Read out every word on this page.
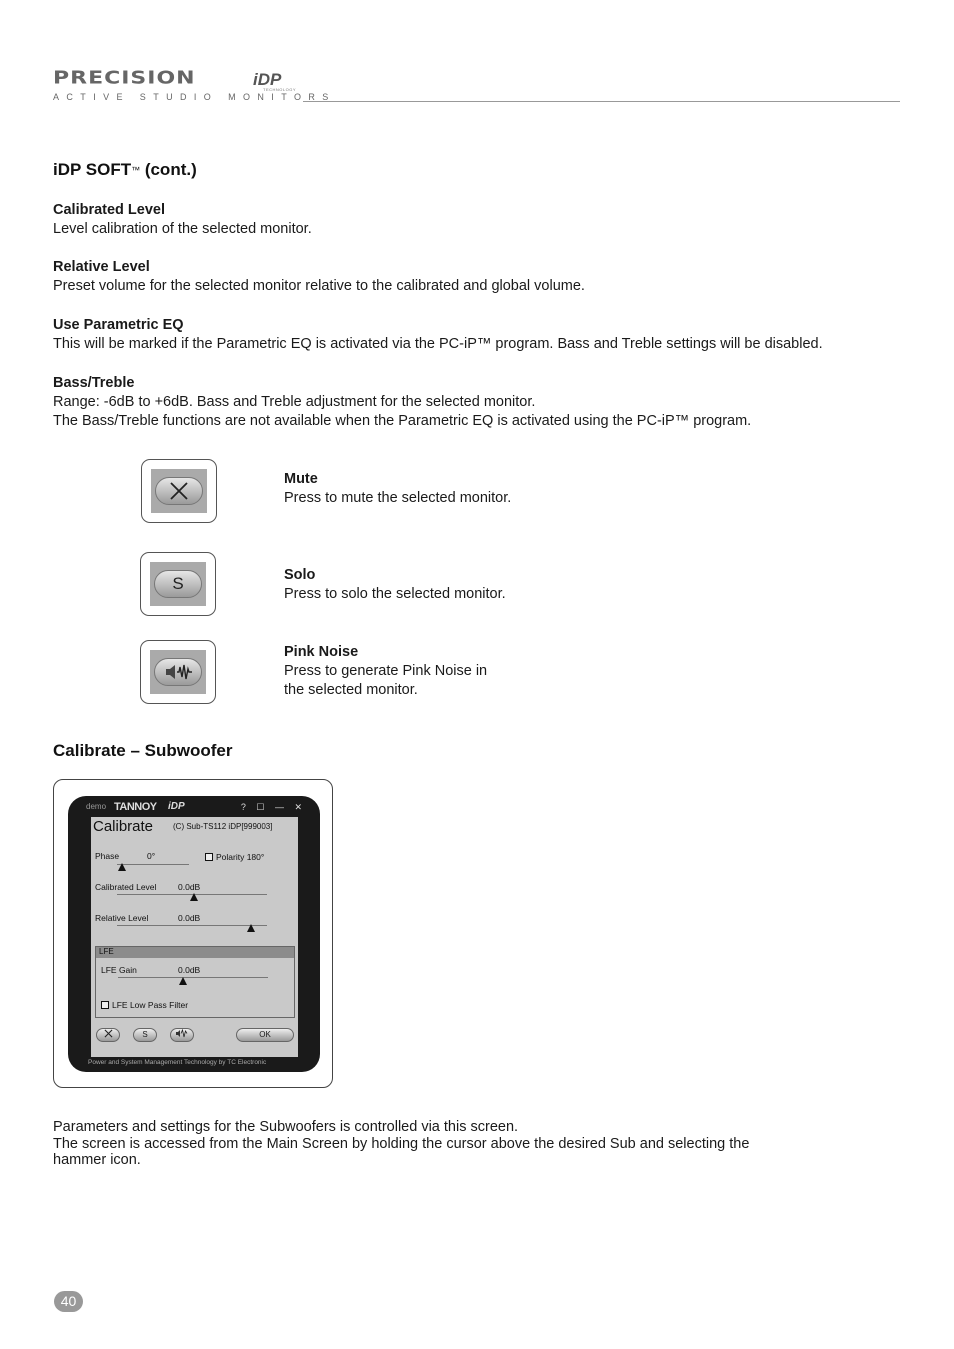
PRECISION	iDP
TECHNOLOGY
ACTIVE STUDIO MONITORS
iDP SOFT™ (cont.)
Calibrated Level
Level calibration of the selected monitor.
Relative Level
Preset volume for the selected monitor relative to the calibrated and global volume.
Use Parametric EQ
This will be marked if the Parametric EQ is activated via the PC-iP™ program. Bass and Treble settings will be disabled.
Bass/Treble
Range: -6dB to +6dB. Bass and Treble adjustment for the selected monitor.
The Bass/Treble functions are not available when the Parametric EQ is activated using the PC-iP™ program.
Mute
Press to mute the selected monitor.
S	Solo
Press to solo the selected monitor.
Pink Noise
Press to generate Pink Noise in
the selected monitor.
Calibrate – Subwoofer
demo TANNOY iDP	? ☐ — ✕
Calibrate (C) Sub-TS112 iDP[999003]
Phase	0°	Polarity 180°
Calibrated Level	0.0dB
Relative Level	0.0dB
LFE
LFE Gain	0.0dB
LFE Low Pass Filter
S	OK
Power and System Management Technology by TC Electronic
Parameters and settings for the Subwoofers is controlled via this screen.
The screen is accessed from the Main Screen by holding the cursor above the desired Sub and selecting the
hammer icon.
40
